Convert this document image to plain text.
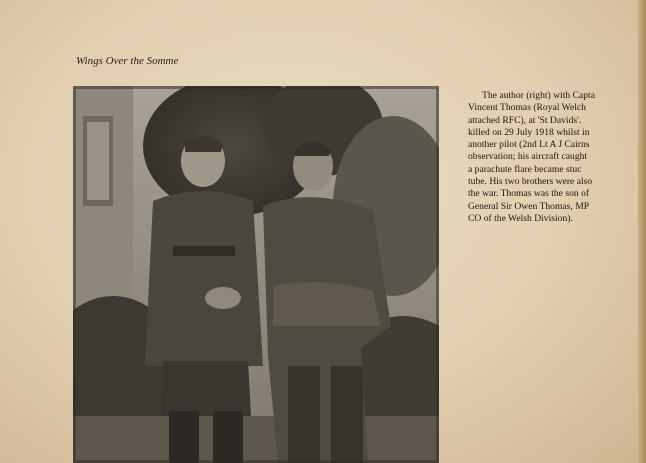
Wings Over the Somme

The author (right) with Capta
Vincent Thomas (Royal Welch
attached RFC), at 'St Davids'.
killed on 29 July 1918 whilst in
another pilot (2nd Lt A J Cairns
observation; his aircraft caught
a parachute flare became stuc
tube. His two brothers were also
the war. Thomas was the son of
General Sir Owen Thomas, MP
CO of the Welsh Division).
